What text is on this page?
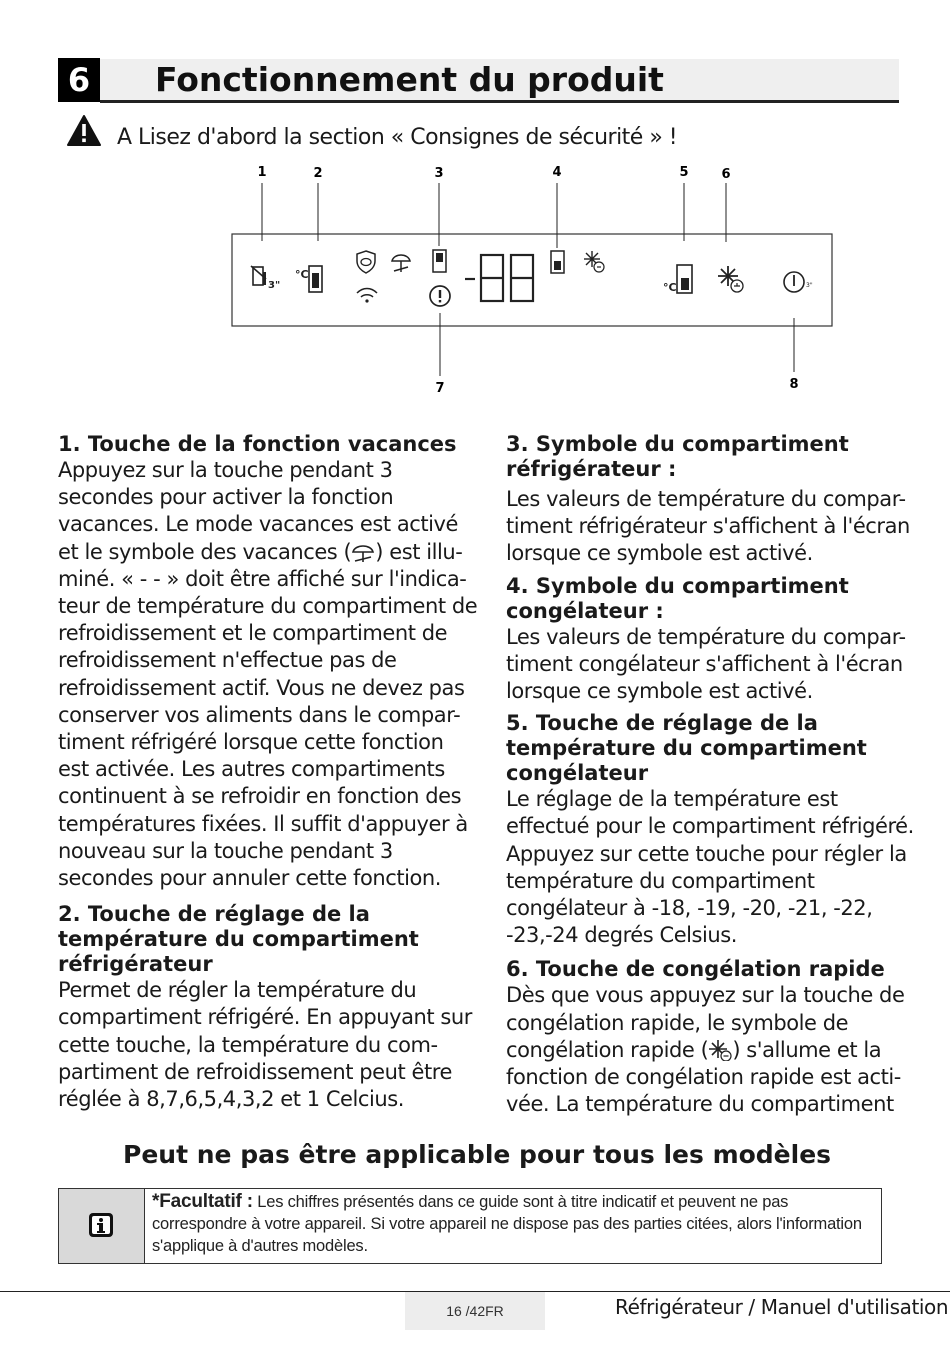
6 Fonctionnement du produit
A Lisez d'abord la section « Consignes de sécurité » !
1	2	3	4	5	6
7	8
3"
°C
°C	3"

1. Touche de la fonction vacances

Appuyez sur la touche pendant 3 secondes pour activer la fonction vacances. Le mode vacances est activé et le symbole des vacances ( ) est illu-miné. « - - » doit être affiché sur l'indica-teur de température du compartiment de refroidissement et le compartiment de refroidissement n'effectue pas de refroidissement actif. Vous ne devez pas conserver vos aliments dans le compar-timent réfrigéré lorsque cette fonction est activée. Les autres compartiments continuent à se refroidir en fonction des températures fixées. Il suffit d'appuyer à nouveau sur la touche pendant 3 secondes pour annuler cette fonction.

2. Touche de réglage de la température du compartiment réfrigérateur

Permet de régler la température du compartiment réfrigéré. En appuyant sur cette touche, la température du com-partiment de refroidissement peut être réglée à 8,7,6,5,4,3,2 et 1 Celcius.

3. Symbole du compartiment réfrigérateur :

Les valeurs de température du compar-timent réfrigérateur s'affichent à l'écran lorsque ce symbole est activé.

4. Symbole du compartiment congélateur :

Les valeurs de température du compar-timent congélateur s'affichent à l'écran lorsque ce symbole est activé.

5. Touche de réglage de la température du compartiment congélateur

Le réglage de la température est effectué pour le compartiment réfrigéré. Appuyez sur cette touche pour régler la température du compartiment congélateur à -18, -19, -20, -21, -22, -23,-24 degrés Celsius.

6. Touche de congélation rapide

Dès que vous appuyez sur la touche de congélation rapide, le symbole de congélation rapide ( ) s'allume et la fonction de congélation rapide est acti-vée. La température du compartiment

Peut ne pas être applicable pour tous les modèles
*Facultatif : Les chiffres présentés dans ce guide sont à titre indicatif et peuvent ne pas correspondre à votre appareil. Si votre appareil ne dispose pas des parties citées, alors l'information s'applique à d'autres modèles.
16 /42FR	Réfrigérateur / Manuel d'utilisation
